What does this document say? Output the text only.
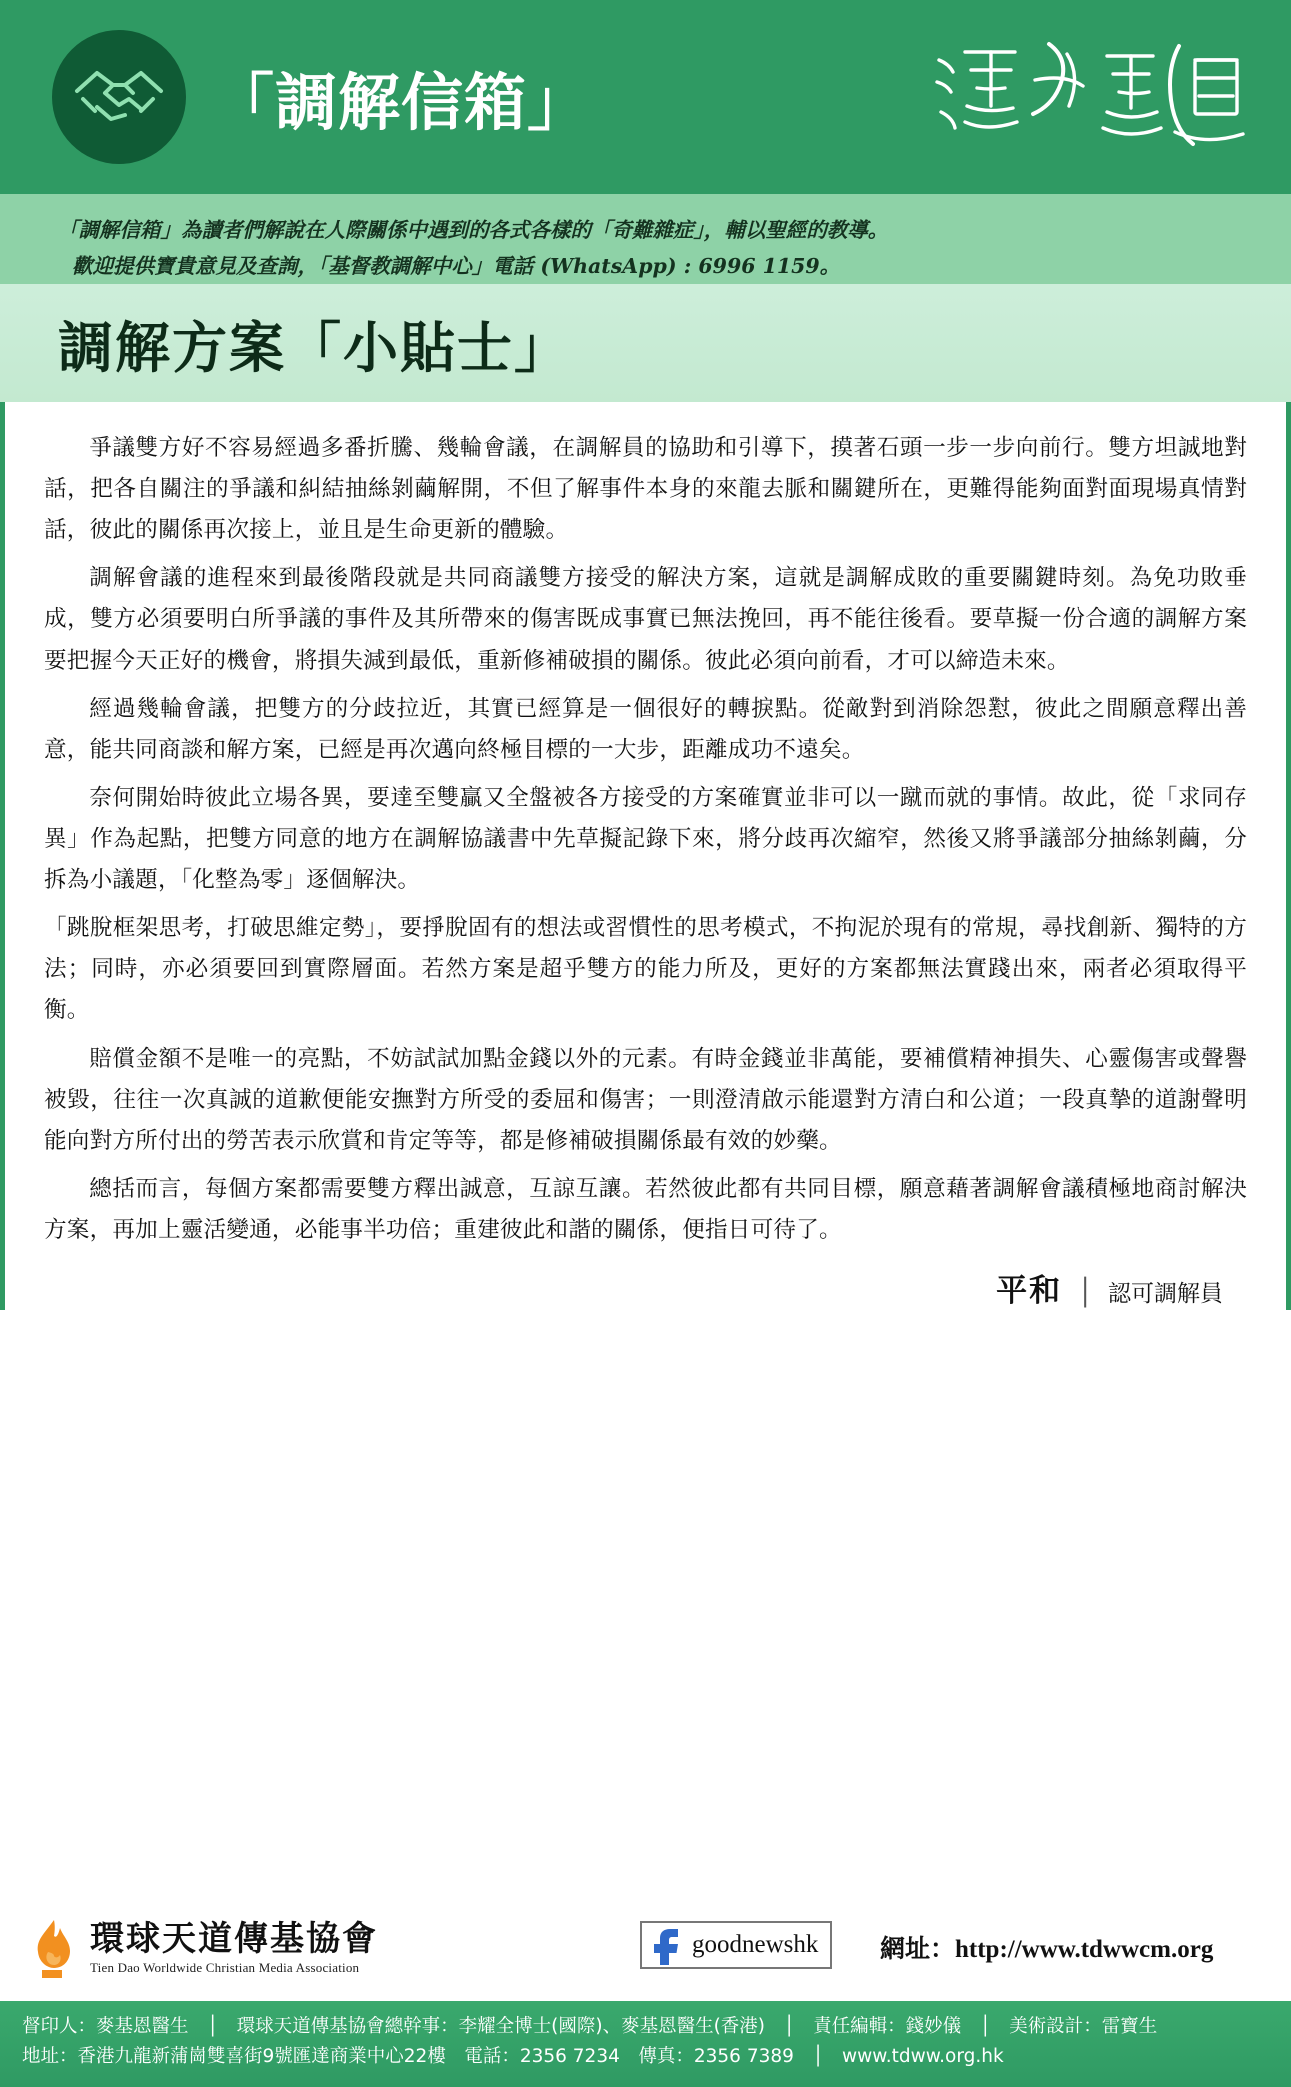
「調解信箱」

「調解信箱」為讀者們解說在人際關係中遇到的各式各樣的「奇難雜症」，輔以聖經的教導。

歡迎提供寶貴意見及查詢，「基督教調解中心」電話 (WhatsApp) : 6996 1159。

調解方案「小貼士」

爭議雙方好不容易經過多番折騰、幾輪會議，在調解員的協助和引導下，摸著石頭一步一步向前行。雙方坦誠地對話，把各自關注的爭議和糾結抽絲剝繭解開，不但了解事件本身的來龍去脈和關鍵所在，更難得能夠面對面現場真情對話，彼此的關係再次接上，並且是生命更新的體驗。

調解會議的進程來到最後階段就是共同商議雙方接受的解決方案，這就是調解成敗的重要關鍵時刻。為免功敗垂成，雙方必須要明白所爭議的事件及其所帶來的傷害既成事實已無法挽回，再不能往後看。要草擬一份合適的調解方案要把握今天正好的機會，將損失減到最低，重新修補破損的關係。彼此必須向前看，才可以締造未來。

經過幾輪會議，把雙方的分歧拉近，其實已經算是一個很好的轉捩點。從敵對到消除怨懟，彼此之間願意釋出善意，能共同商談和解方案，已經是再次邁向終極目標的一大步，距離成功不遠矣。

奈何開始時彼此立場各異，要達至雙贏又全盤被各方接受的方案確實並非可以一蹴而就的事情。故此，從「求同存異」作為起點，把雙方同意的地方在調解協議書中先草擬記錄下來，將分歧再次縮窄，然後又將爭議部分抽絲剝繭，分拆為小議題，「化整為零」逐個解決。

「跳脫框架思考，打破思維定勢」，要掙脫固有的想法或習慣性的思考模式，不拘泥於現有的常規，尋找創新、獨特的方法；同時，亦必須要回到實際層面。若然方案是超乎雙方的能力所及，更好的方案都無法實踐出來，兩者必須取得平衡。

賠償金額不是唯一的亮點，不妨試試加點金錢以外的元素。有時金錢並非萬能，要補償精神損失、心靈傷害或聲譽被毀，往往一次真誠的道歉便能安撫對方所受的委屈和傷害；一則澄清啟示能還對方清白和公道；一段真摯的道謝聲明能向對方所付出的勞苦表示欣賞和肯定等等，都是修補破損關係最有效的妙藥。

總括而言，每個方案都需要雙方釋出誠意，互諒互讓。若然彼此都有共同目標，願意藉著調解會議積極地商討解決方案，再加上靈活變通，必能事半功倍；重建彼此和諧的關係，便指日可待了。

平和 │ 認可調解員
環球天道傳基協會
Tien Dao Worldwide Christian Media Association
goodnewshk 網址：http://www.tdwwcm.org
督印人：麥基恩醫生　│　環球天道傳基協會總幹事：李耀全博士(國際)、麥基恩醫生(香港)　│　責任編輯：錢妙儀　│　美術設計：雷寶生
地址：香港九龍新蒲崗雙喜街9號匯達商業中心22樓　電話：2356 7234　傳真：2356 7389　│　www.tdww.org.hk
